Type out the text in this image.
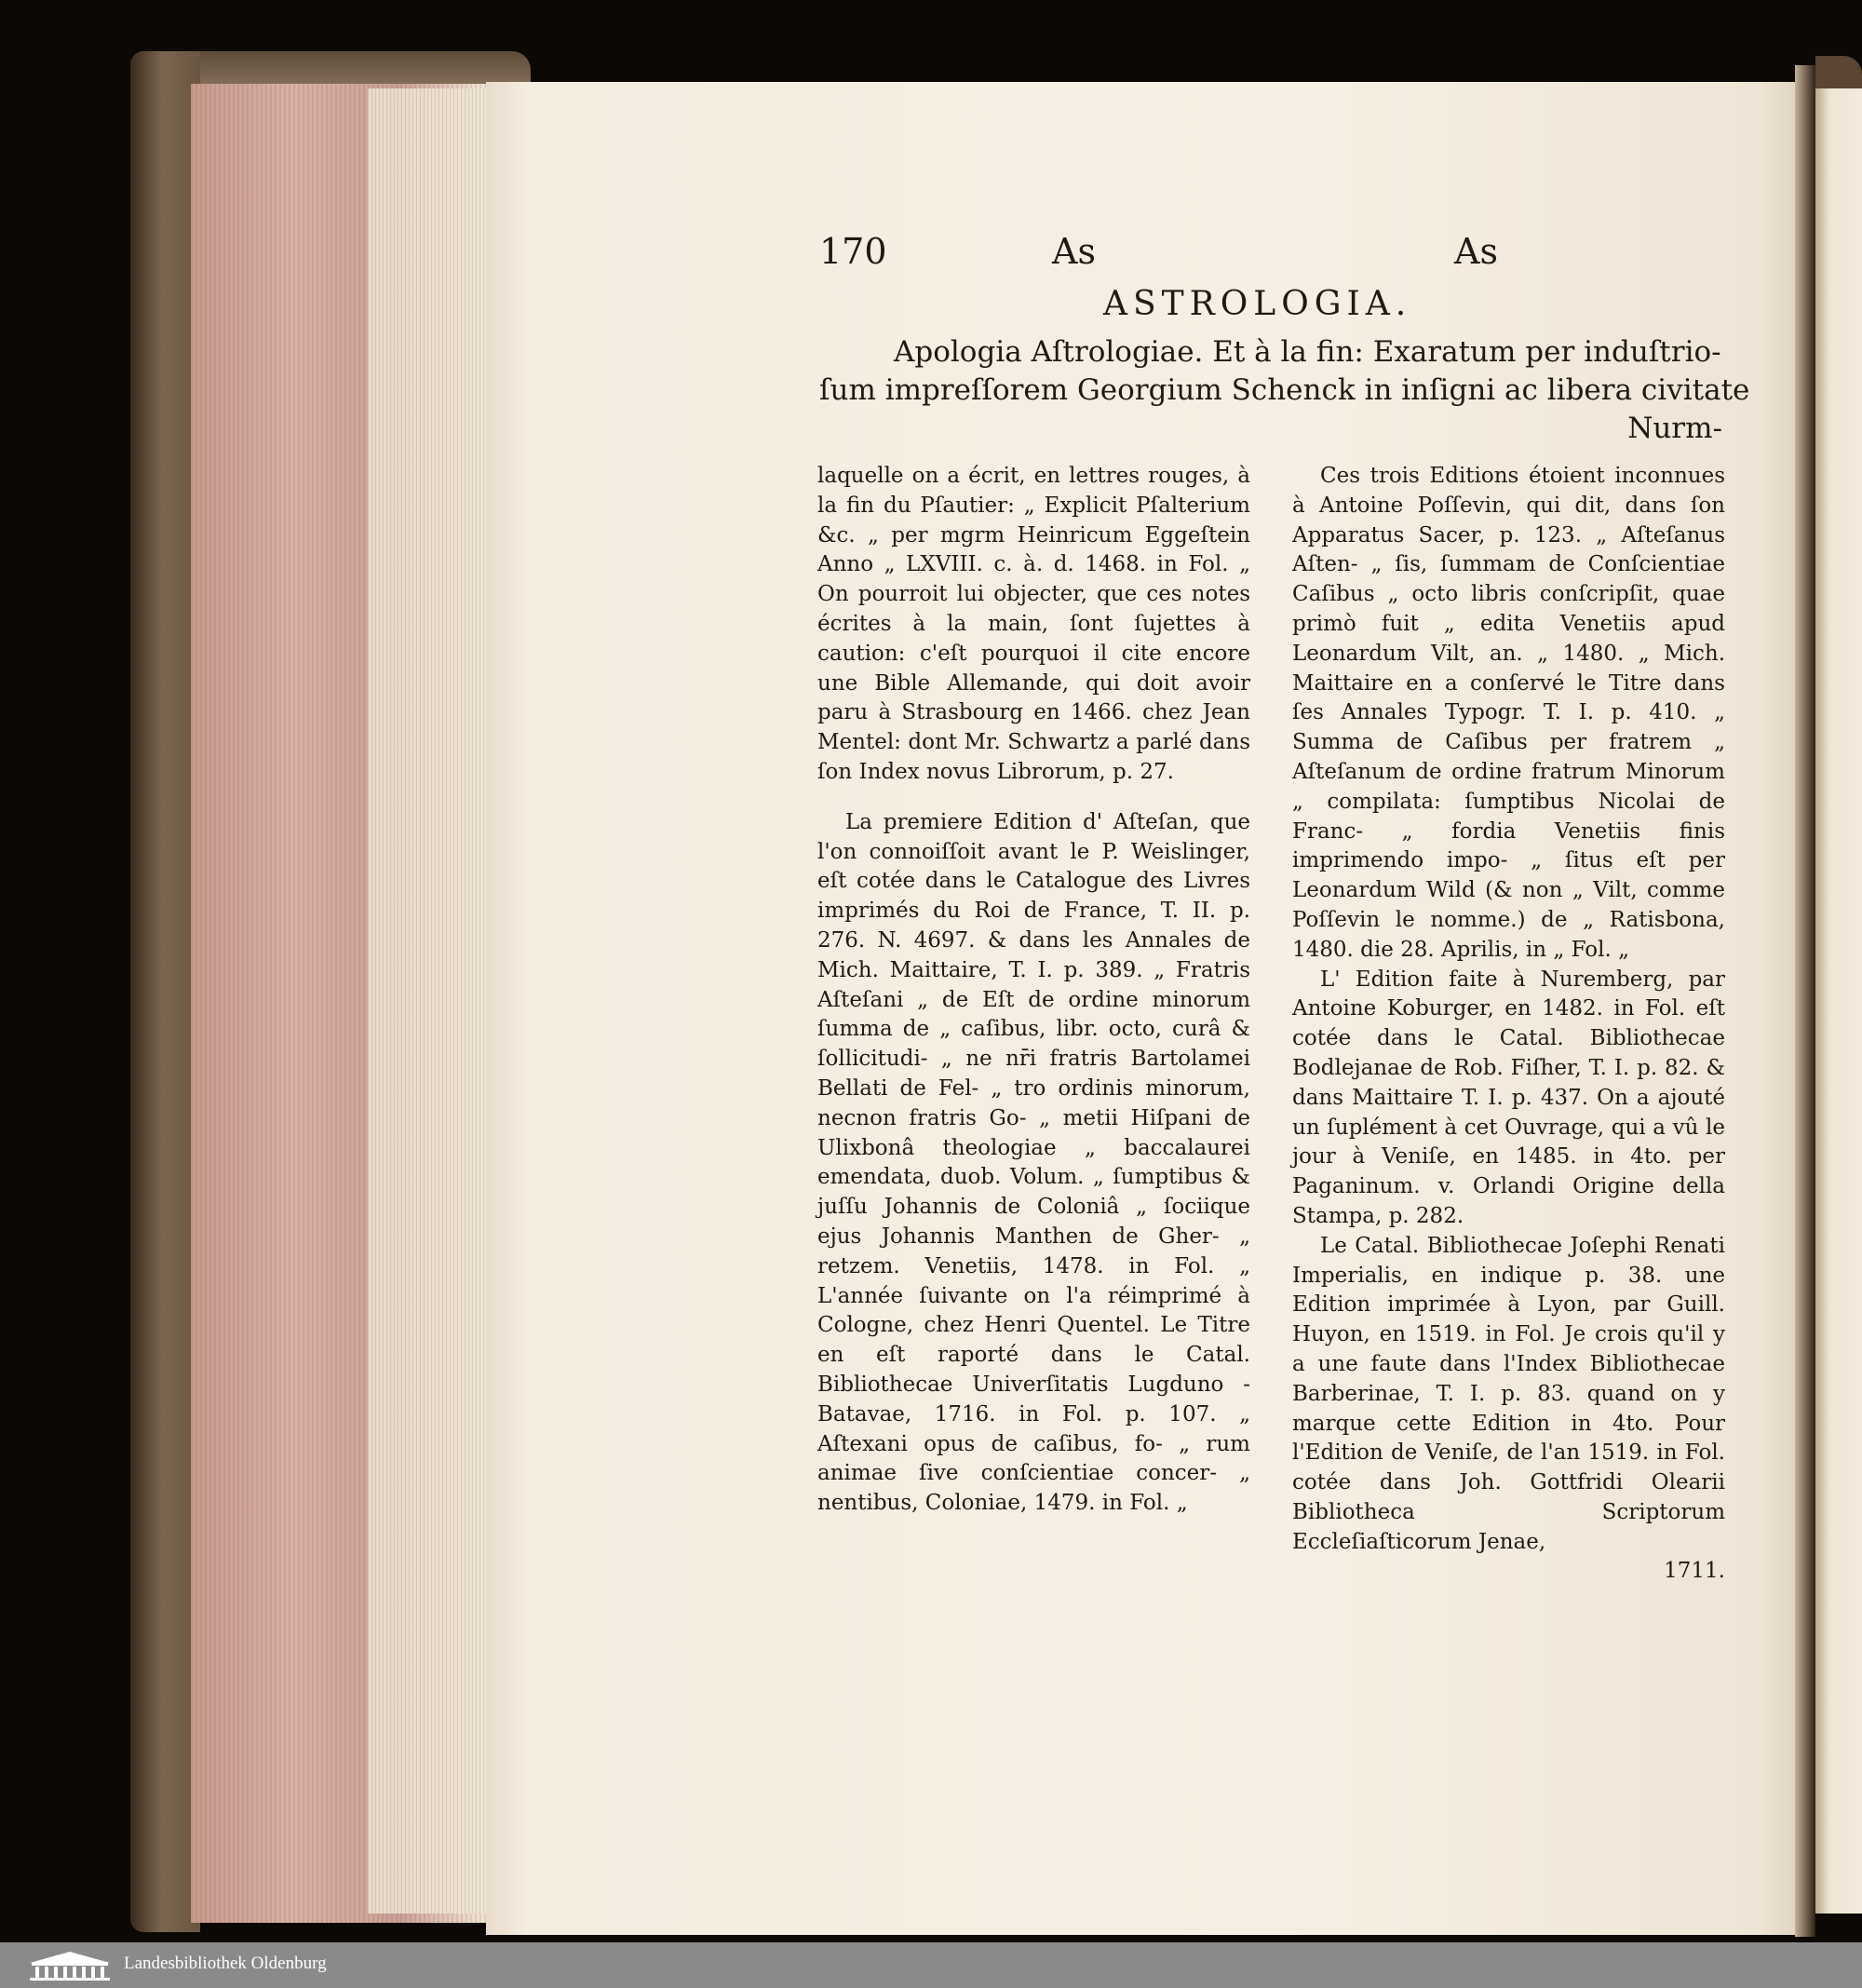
170	As	As
ASTROLOGIA.
Apologia Aſtrologiae. Et à la fin: Exaratum per induſtrio-
ſum impreſſorem Georgium Schenck in inſigni ac libera civitate
Nurm-

laquelle on a écrit, en lettres rouges, à la fin du Pſautier: „ Explicit Pſalterium &c. „ per mgrm Heinricum Eggeſtein Anno „ LXVIII. c. à. d. 1468. in Fol. „ On pourroit lui objecter, que ces notes écrites à la main, ſont ſujettes à caution: c'eſt pourquoi il cite encore une Bible Allemande, qui doit avoir paru à Strasbourg en 1466. chez Jean Mentel: dont Mr. Schwartz a parlé dans ſon Index novus Librorum, p. 27.

La premiere Edition d' Aſteſan, que l'on connoiſſoit avant le P. Weislinger, eſt cotée dans le Catalogue des Livres imprimés du Roi de France, T. II. p. 276. N. 4697. & dans les Annales de Mich. Maittaire, T. I. p. 389. „ Fratris Aſteſani „ de Eſt de ordine minorum ſumma de „ caſibus, libr. octo, curâ & ſollicitudi- „ ne nr̄i fratris Bartolamei Bellati de Fel- „ tro ordinis minorum, necnon fratris Go- „ metii Hiſpani de Ulixbonâ theologiae „ baccalaurei emendata, duob. Volum. „ ſumptibus & juſſu Johannis de Coloniâ „ ſociique ejus Johannis Manthen de Gher- „ retzem. Venetiis, 1478. in Fol. „ L'année ſuivante on l'a réimprimé à Cologne, chez Henri Quentel. Le Titre en eſt raporté dans le Catal. Bibliothecae Univerſitatis Lugduno - Batavae, 1716. in Fol. p. 107. „ Aſtexani opus de caſibus, fo- „ rum animae ſive conſcientiae concer- „ nentibus, Coloniae, 1479. in Fol. „

Ces trois Editions étoient inconnues à Antoine Poſſevin, qui dit, dans ſon Apparatus Sacer, p. 123. „ Aſteſanus Aſten- „ ſis, ſummam de Conſcientiae Caſibus „ octo libris conſcripſit, quae primò fuit „ edita Venetiis apud Leonardum Vilt, an. „ 1480. „ Mich. Maittaire en a conſervé le Titre dans ſes Annales Typogr. T. I. p. 410. „ Summa de Caſibus per fratrem „ Aſteſanum de ordine fratrum Minorum „ compilata: ſumptibus Nicolai de Franc- „ fordia Venetiis finis imprimendo impo- „ ſitus eſt per Leonardum Wild (& non „ Vilt, comme Poſſevin le nomme.) de „ Ratisbona, 1480. die 28. Aprilis, in „ Fol. „

L' Edition faite à Nuremberg, par Antoine Koburger, en 1482. in Fol. eſt cotée dans le Catal. Bibliothecae Bodlejanae de Rob. Fiſher, T. I. p. 82. & dans Maittaire T. I. p. 437. On a ajouté un ſuplément à cet Ouvrage, qui a vû le jour à Veniſe, en 1485. in 4to. per Paganinum. v. Orlandi Origine della Stampa, p. 282.

Le Catal. Bibliothecae Joſephi Renati Imperialis, en indique p. 38. une Edition imprimée à Lyon, par Guill. Huyon, en 1519. in Fol. Je crois qu'il y a une faute dans l'Index Bibliothecae Barberinae, T. I. p. 83. quand on y marque cette Edition in 4to. Pour l'Edition de Veniſe, de l'an 1519. in Fol. cotée dans Joh. Gottfridi Olearii Bibliotheca Scriptorum Eccleſiaſticorum Jenae,

1711.
Landesbibliothek Oldenburg
